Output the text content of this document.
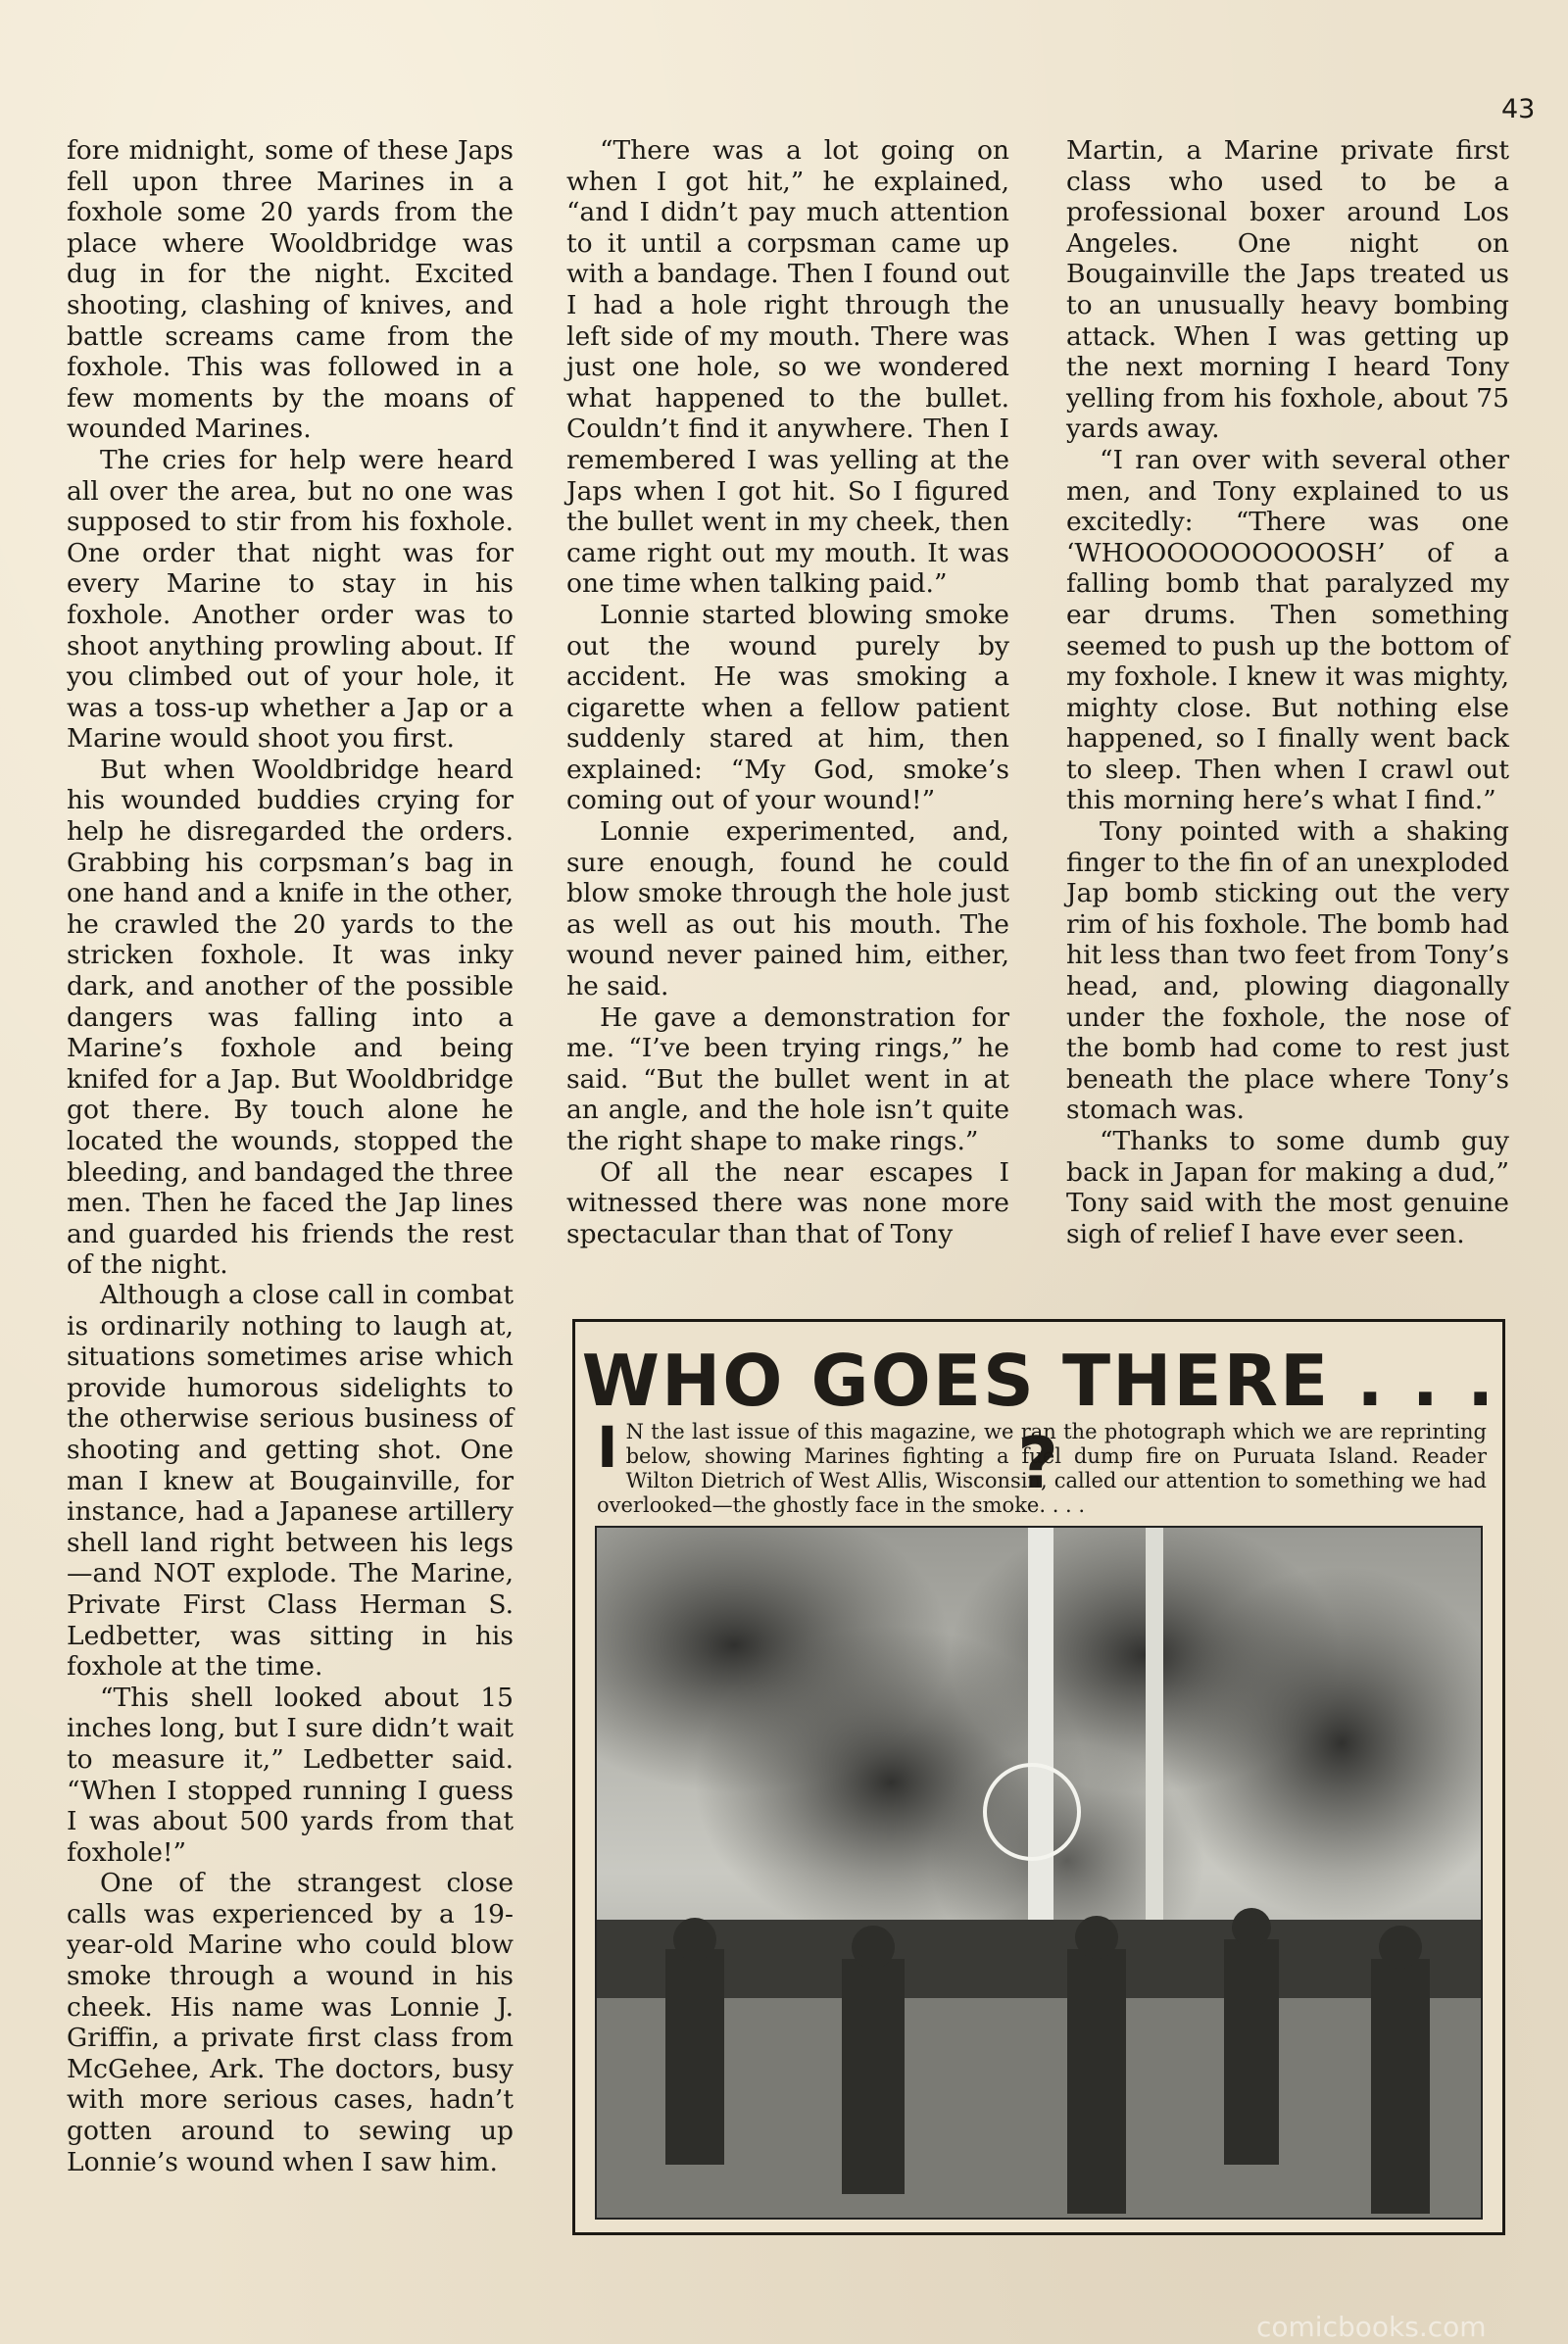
43

fore midnight, some of these Japs fell upon three Marines in a foxhole some 20 yards from the place where Wooldbridge was dug in for the night. Excited shooting, clashing of knives, and battle screams came from the foxhole. This was followed in a few moments by the moans of wounded Marines.

The cries for help were heard all over the area, but no one was supposed to stir from his foxhole. One order that night was for every Marine to stay in his foxhole. Another order was to shoot anything prowling about. If you climbed out of your hole, it was a toss-up whether a Jap or a Marine would shoot you first.

But when Wooldbridge heard his wounded buddies crying for help he disregarded the orders. Grabbing his corpsman’s bag in one hand and a knife in the other, he crawled the 20 yards to the stricken foxhole. It was inky dark, and another of the possible dangers was falling into a Marine’s foxhole and being knifed for a Jap. But Wooldbridge got there. By touch alone he located the wounds, stopped the bleeding, and bandaged the three men. Then he faced the Jap lines and guarded his friends the rest of the night.

Although a close call in combat is ordinarily nothing to laugh at, situations sometimes arise which provide humorous sidelights to the otherwise serious business of shooting and getting shot. One man I knew at Bougainville, for instance, had a Japanese artillery shell land right between his legs—and NOT explode. The Marine, Private First Class Herman S. Ledbetter, was sitting in his foxhole at the time.

“This shell looked about 15 inches long, but I sure didn’t wait to measure it,” Ledbetter said. “When I stopped running I guess I was about 500 yards from that foxhole!”

One of the strangest close calls was experienced by a 19-year-old Marine who could blow smoke through a wound in his cheek. His name was Lonnie J. Griffin, a private first class from McGehee, Ark. The doctors, busy with more serious cases, hadn’t gotten around to sewing up Lonnie’s wound when I saw him.

“There was a lot going on when I got hit,” he explained, “and I didn’t pay much attention to it until a corpsman came up with a bandage. Then I found out I had a hole right through the left side of my mouth. There was just one hole, so we wondered what happened to the bullet. Couldn’t find it anywhere. Then I remembered I was yelling at the Japs when I got hit. So I figured the bullet went in my cheek, then came right out my mouth. It was one time when talking paid.”

Lonnie started blowing smoke out the wound purely by accident. He was smoking a cigarette when a fellow patient suddenly stared at him, then explained: “My God, smoke’s coming out of your wound!”

Lonnie experimented, and, sure enough, found he could blow smoke through the hole just as well as out his mouth. The wound never pained him, either, he said.

He gave a demonstration for me. “I’ve been trying rings,” he said. “But the bullet went in at an angle, and the hole isn’t quite the right shape to make rings.”

Of all the near escapes I witnessed there was none more spectacular than that of Tony

Martin, a Marine private first class who used to be a professional boxer around Los Angeles. One night on Bougainville the Japs treated us to an unusually heavy bombing attack. When I was getting up the next morning I heard Tony yelling from his foxhole, about 75 yards away.

“I ran over with several other men, and Tony explained to us excitedly: “There was one ‘WHOOOOOOOOOOSH’ of a falling bomb that paralyzed my ear drums. Then something seemed to push up the bottom of my foxhole. I knew it was mighty, mighty close. But nothing else happened, so I finally went back to sleep. Then when I crawl out this morning here’s what I find.”

Tony pointed with a shaking finger to the fin of an unexploded Jap bomb sticking out the very rim of his foxhole. The bomb had hit less than two feet from Tony’s head, and, plowing diagonally under the foxhole, the nose of the bomb had come to rest just beneath the place where Tony’s stomach was.

“Thanks to some dumb guy back in Japan for making a dud,” Tony said with the most genuine sigh of relief I have ever seen.

WHO GOES THERE . . . ?
I N the last issue of this magazine, we ran the photograph which we are reprinting below, showing Marines fighting a fuel dump fire on Puruata Island. Reader Wilton Dietrich of West Allis, Wisconsin, called our attention to something we had overlooked—the ghostly face in the smoke. . . .
comicbooks.com
